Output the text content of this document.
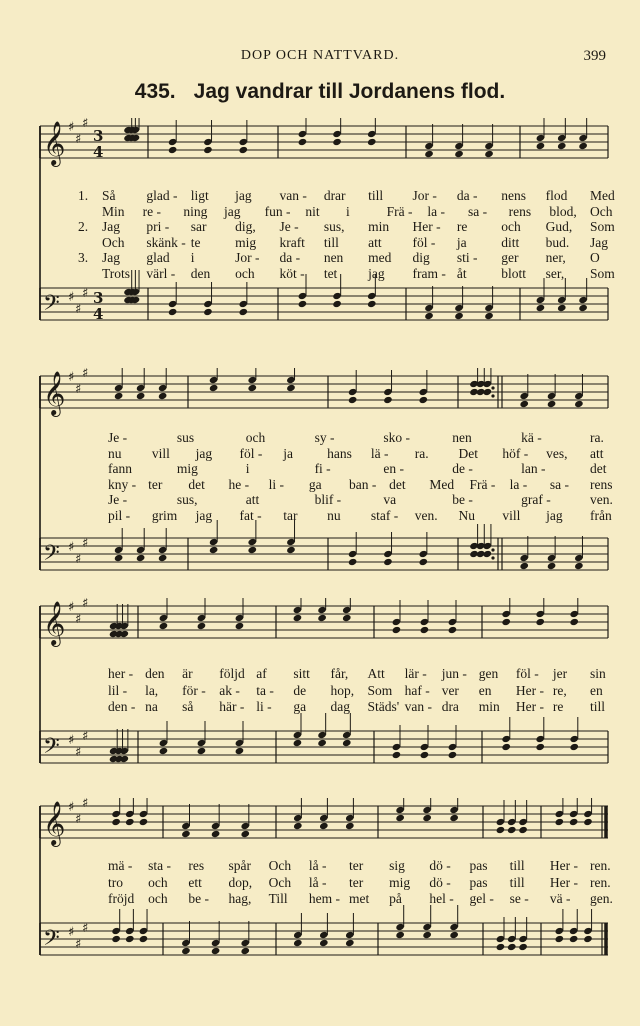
DOP OCH NATTVARD.	399
435. Jag vandrar till Jordanens flod.
𝄞 ♯
♯
♯
3
4
𝄢 ♯
♯
♯ 3
4
1. Så glad - ligt jag van - drar till Jor - da - nens flod Med
Min re - ning jag fun - nit i	Frä - la - sa - rens blod, Och
2. Jag pri - sar dig, Je - sus, min Her - re	och Gud, Som
Och skänk - te	mig kraft till att föl - ja	ditt bud. Jag
3. Jag glad i	Jor - da - nen med dig sti - ger ner, O
Trots värl - den och köt - tet jag fram - åt	blott ser, Som
𝄞 ♯
♯
♯
𝄢 ♯
♯
♯
Je -	sus	och	sy -	sko -	nen	kä -	ra.
nu vill jag föl - ja	hans lä - ra. Det höf - ves, att
fann	mig	i	fi -	en -	de -	lan -	det
kny - ter det he - li - ga ban - det Med Frä - la - sa - rens
Je -	sus,	att	blif -	va	be -	graf -	ven.
pil - grim jag fat - tar nu staf - ven. Nu vill jag från
𝄞 ♯
♯
♯
𝄢 ♯
♯
♯
her - den är följd af sitt får, Att lär - jun - gen föl - jer sin
lil - la, för - ak - ta - de hop, Som haf - ver en Her - re, en
den - na så här - li - ga dag Städs' van - dra min Her - re till
𝄞 ♯
♯
♯
𝄢 ♯
♯
♯
mä - sta - res spår Och lå - ter sig dö - pas till Her - ren.
tro och ett dop, Och lå - ter mig dö - pas till Her - ren.
fröjd och be - hag, Till hem - met på hel - gel - se - vä - gen.
